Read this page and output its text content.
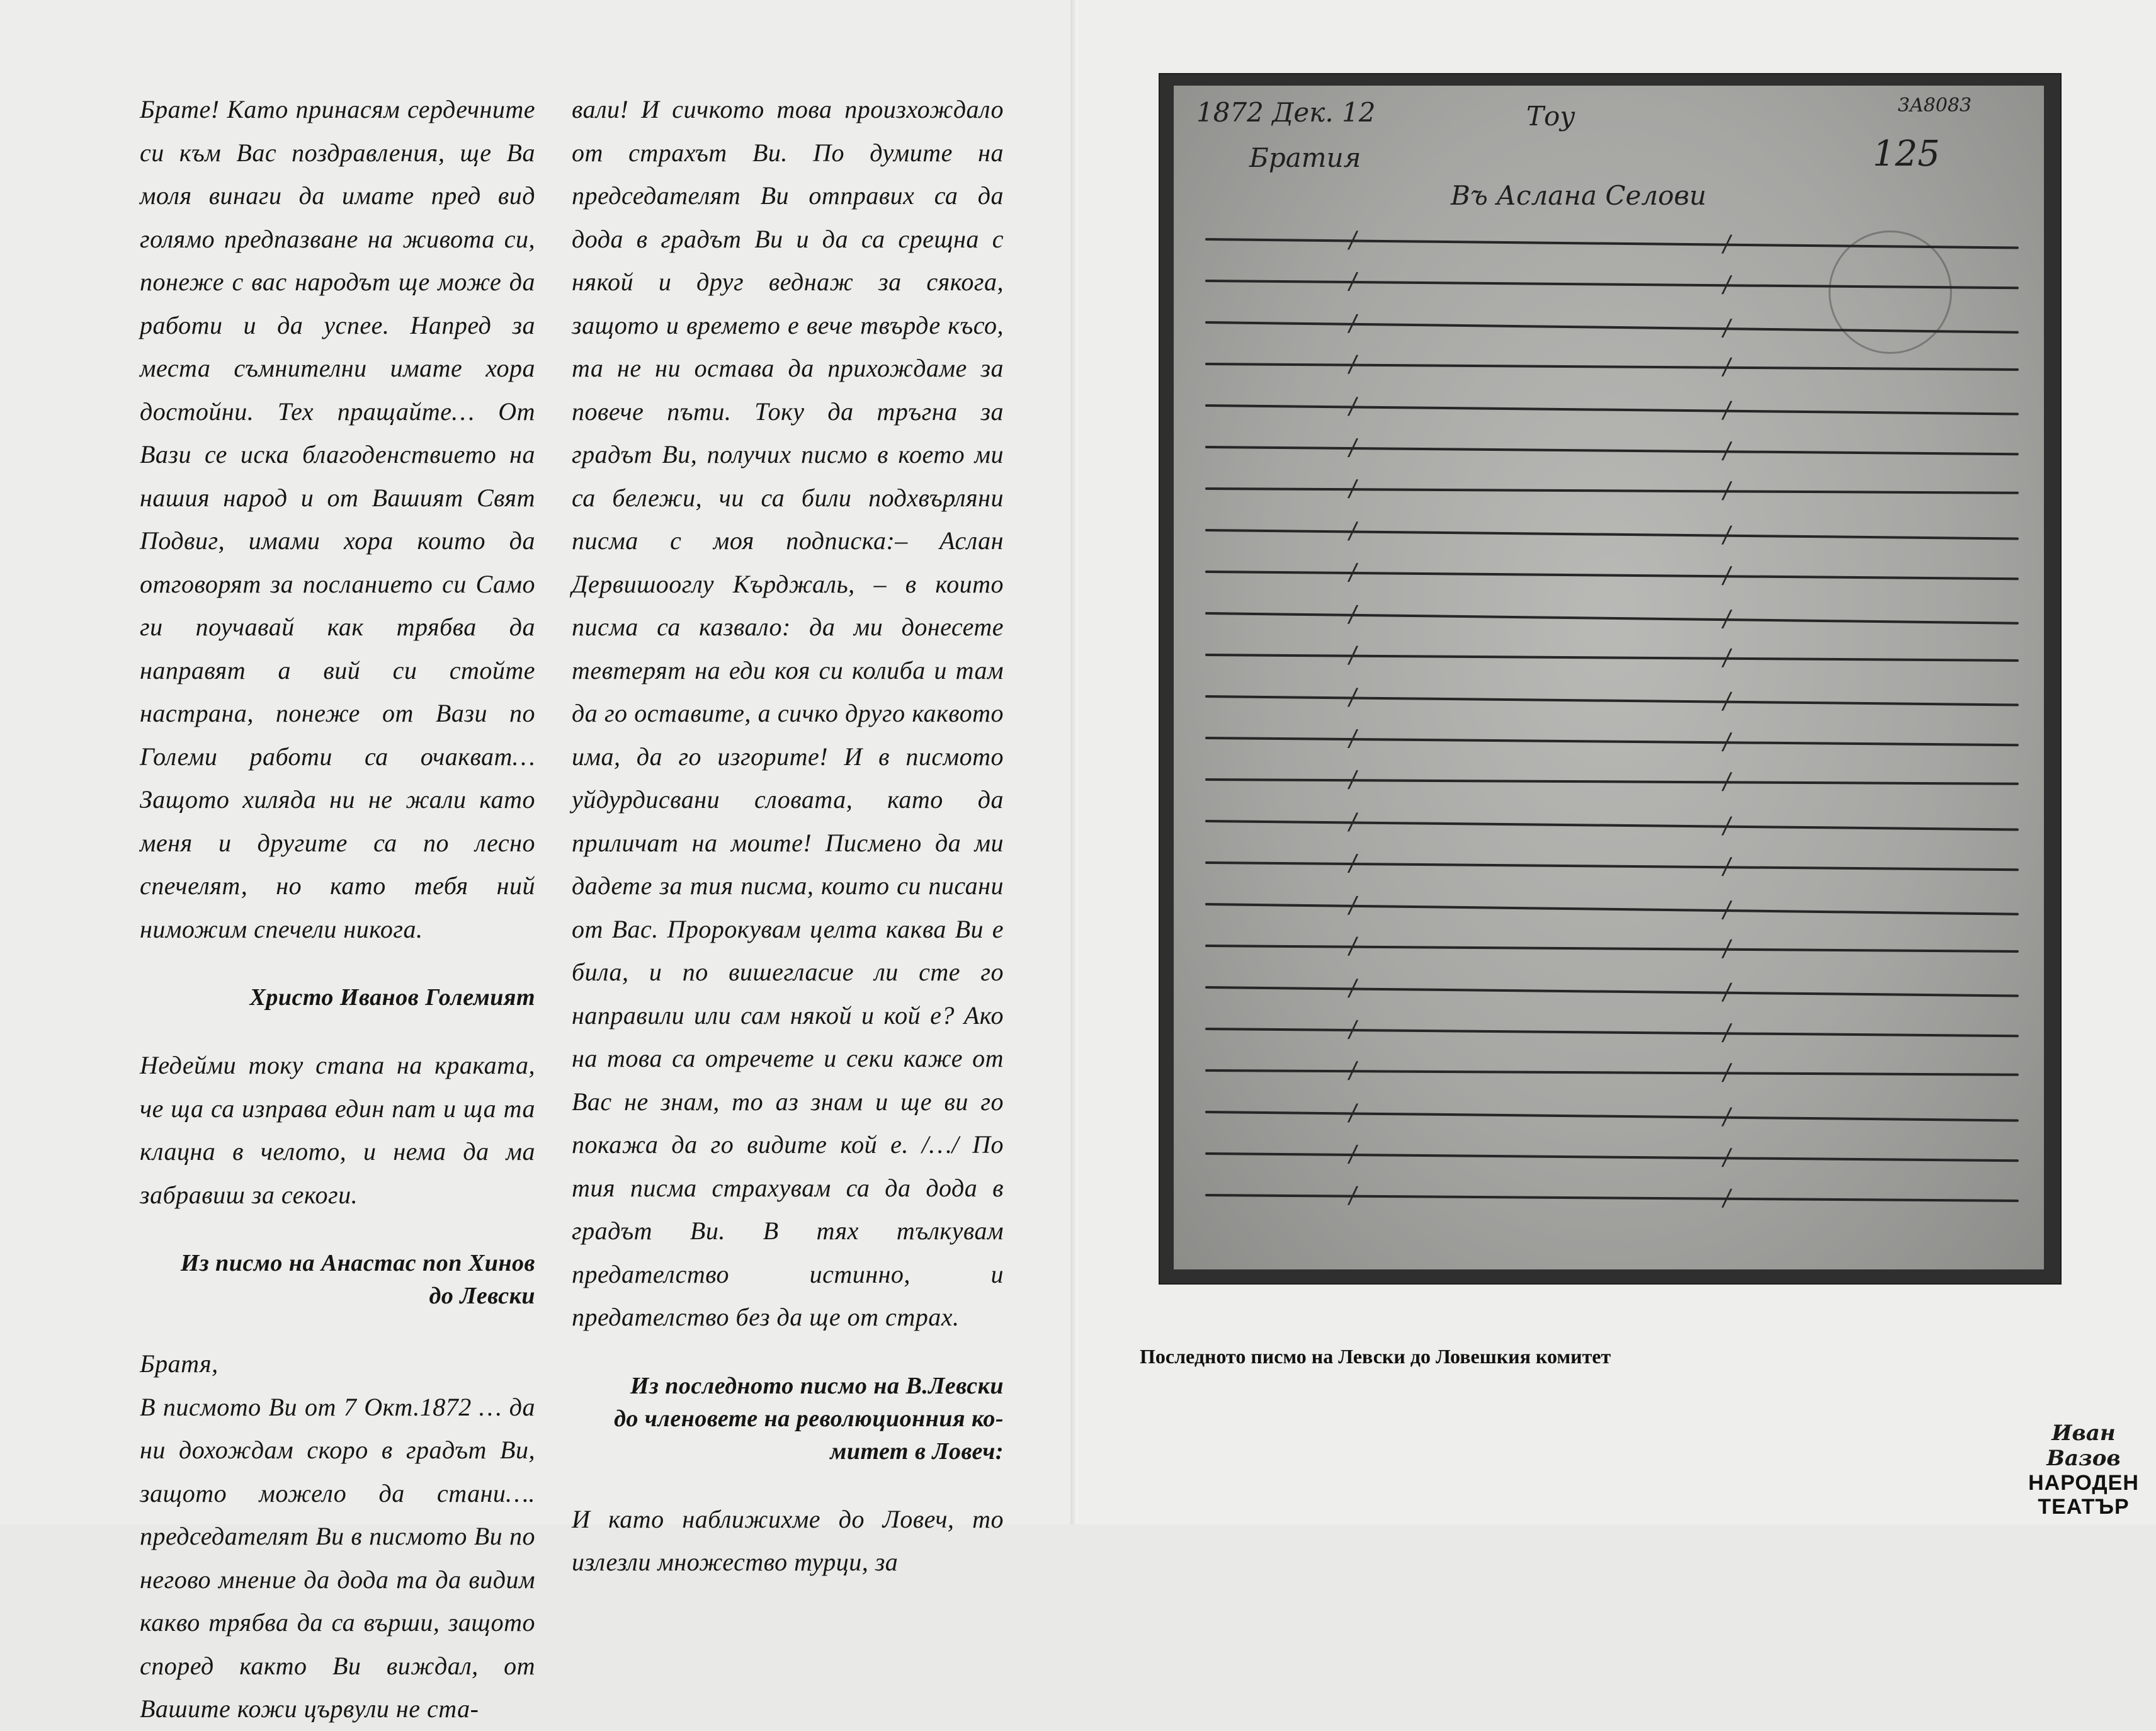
Брате! Като принасям сердечните си към Вас поздравления, ще Ва моля винаги да имате пред вид голямо предпазване на живота си, понеже с вас народът ще може да работи и да успее. Напред за места съмнителни имате хора достойни. Тех пращайте… От Вази се иска благоденствието на нашия народ и от Вашият Свят Подвиг, имами хора които да отговорят за посланието си Само ги поучавай как трябва да направят а вий си стойте настрана, понеже от Вази по Големи работи са очакват… Защото хиляда ни не жали като меня и другите са по лесно спечелят, но като тебя ний ниможим спечели никога.

Христо Иванов Големият

Недейми току стапа на краката, че ща са изправа един пат и ща та клацна в челото, и нема да ма забравиш за секоги.

Из писмо на Анастас поп Хинов
до Левски

Братя,

В писмото Ви от 7 Окт.1872 … да ни дохождам скоро в градът Ви, защото можело да стани…. председателят Ви в писмото Ви по негово мнение да дода та да видим какво трябва да са върши, защото според както Ви виждал, от Вашите кожи цървули не ста-

вали! И сичкото това произхождало от страхът Ви. По думите на председателят Ви отправих са да дода в градът Ви и да са срещна с някой и друг веднаж за сякога, защото и времето е вече твърде късо, та не ни остава да прихождаме за повече пъти. Току да тръгна за градът Ви, получих писмо в което ми са бележи, чи са били подхвърляни писма с моя подписка:– Аслан Дервишооглу Кърджаль, – в които писма са казвало: да ми донесете тевтерят на еди коя си колиба и там да го оставите, а сичко друго каквото има, да го изгорите! И в писмото уйдурдисвани словата, като да приличат на моите! Писмено да ми дадете за тия писма, които си писани от Вас. Пророкувам целта каква Ви е била, и по вишегласие ли сте го направили или сам някой и кой е? Ако на това са отречете и секи каже от Вас не знам, то аз знам и ще ви го покажа да го видите кой е. /…/ По тия писма страхувам са да дода в градът Ви. В тях тълкувам предателство истинно, и предателство без да ще от страх.

Из последното писмо на В.Левски
до членовете на революционния ко-
митет в Ловеч:

И като наближихме до Ловеч, то излезли множество турци, за

1872 Дек. 12	Тоу
Братия
Въ Аслана Селови
125
3A8083
Последното писмо на Левски до Ловешкия комитет
Иван Вазов
НАРОДЕН
ТЕАТЪР
